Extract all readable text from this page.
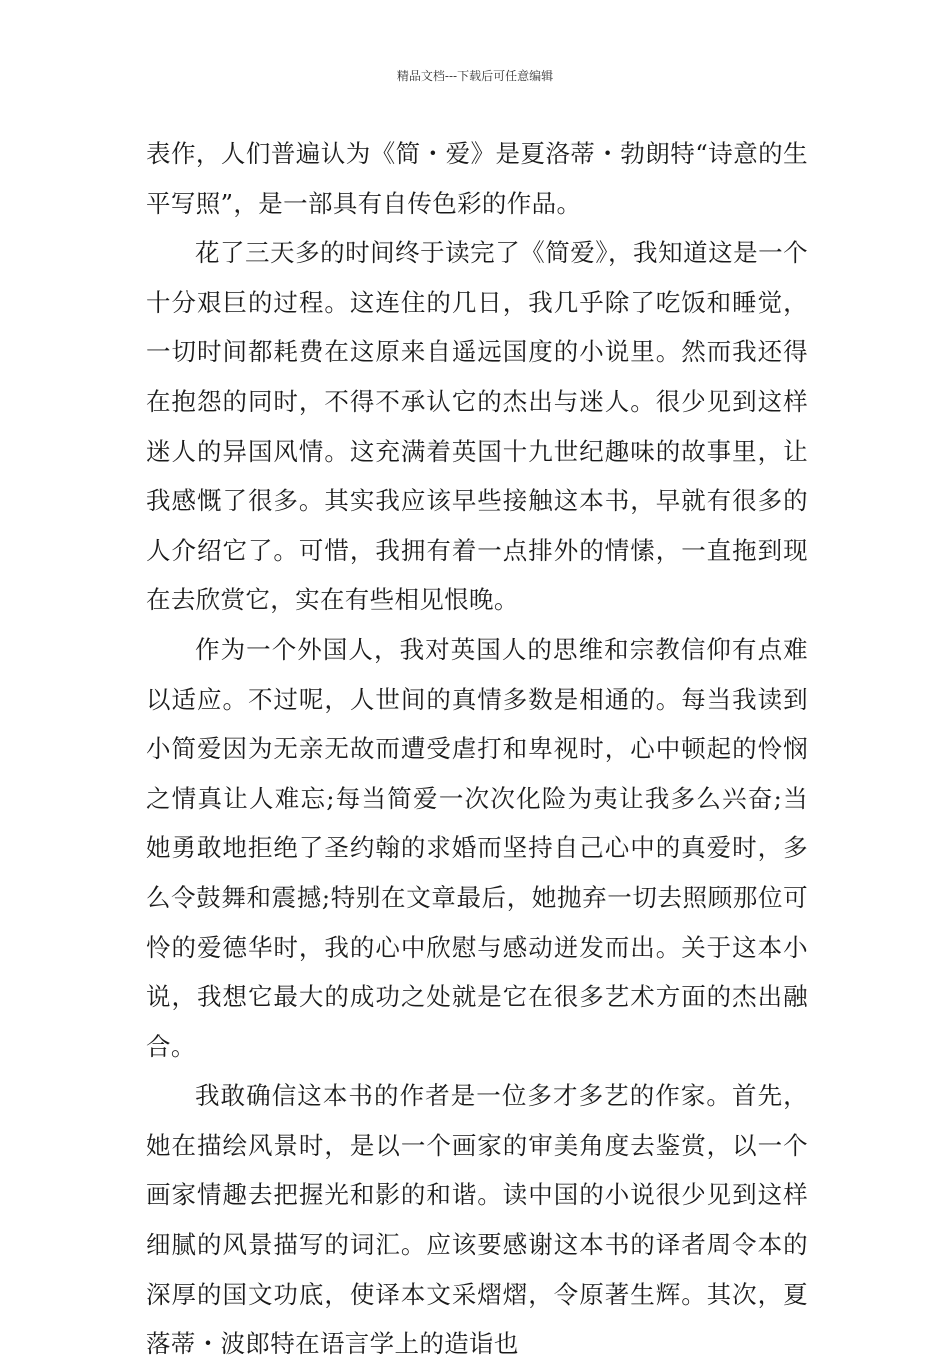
精品文档---下载后可任意编辑

表作，人们普遍认为《简・爱》是夏洛蒂・勃朗特“诗意的生平写照”，是一部具有自传色彩的作品。

花了三天多的时间终于读完了《简爱》，我知道这是一个十分艰巨的过程。这连住的几日，我几乎除了吃饭和睡觉，一切时间都耗费在这原来自遥远国度的小说里。然而我还得在抱怨的同时，不得不承认它的杰出与迷人。很少见到这样迷人的异国风情。这充满着英国十九世纪趣味的故事里，让我感慨了很多。其实我应该早些接触这本书，早就有很多的人介绍它了。可惜，我拥有着一点排外的情愫，一直拖到现在去欣赏它，实在有些相见恨晚。

作为一个外国人，我对英国人的思维和宗教信仰有点难以适应。不过呢，人世间的真情多数是相通的。每当我读到小简爱因为无亲无故而遭受虐打和卑视时，心中顿起的怜悯之情真让人难忘;每当简爱一次次化险为夷让我多么兴奋;当她勇敢地拒绝了圣约翰的求婚而坚持自己心中的真爱时，多么令鼓舞和震撼;特别在文章最后，她抛弃一切去照顾那位可怜的爱德华时，我的心中欣慰与感动迸发而出。关于这本小说，我想它最大的成功之处就是它在很多艺术方面的杰出融合。

我敢确信这本书的作者是一位多才多艺的作家。首先，她在描绘风景时，是以一个画家的审美角度去鉴赏，以一个画家情趣去把握光和影的和谐。读中国的小说很少见到这样细腻的风景描写的词汇。应该要感谢这本书的译者周令本的深厚的国文功底，使译本文采熠熠，令原著生辉。其次，夏落蒂・波郎特在语言学上的造诣也
